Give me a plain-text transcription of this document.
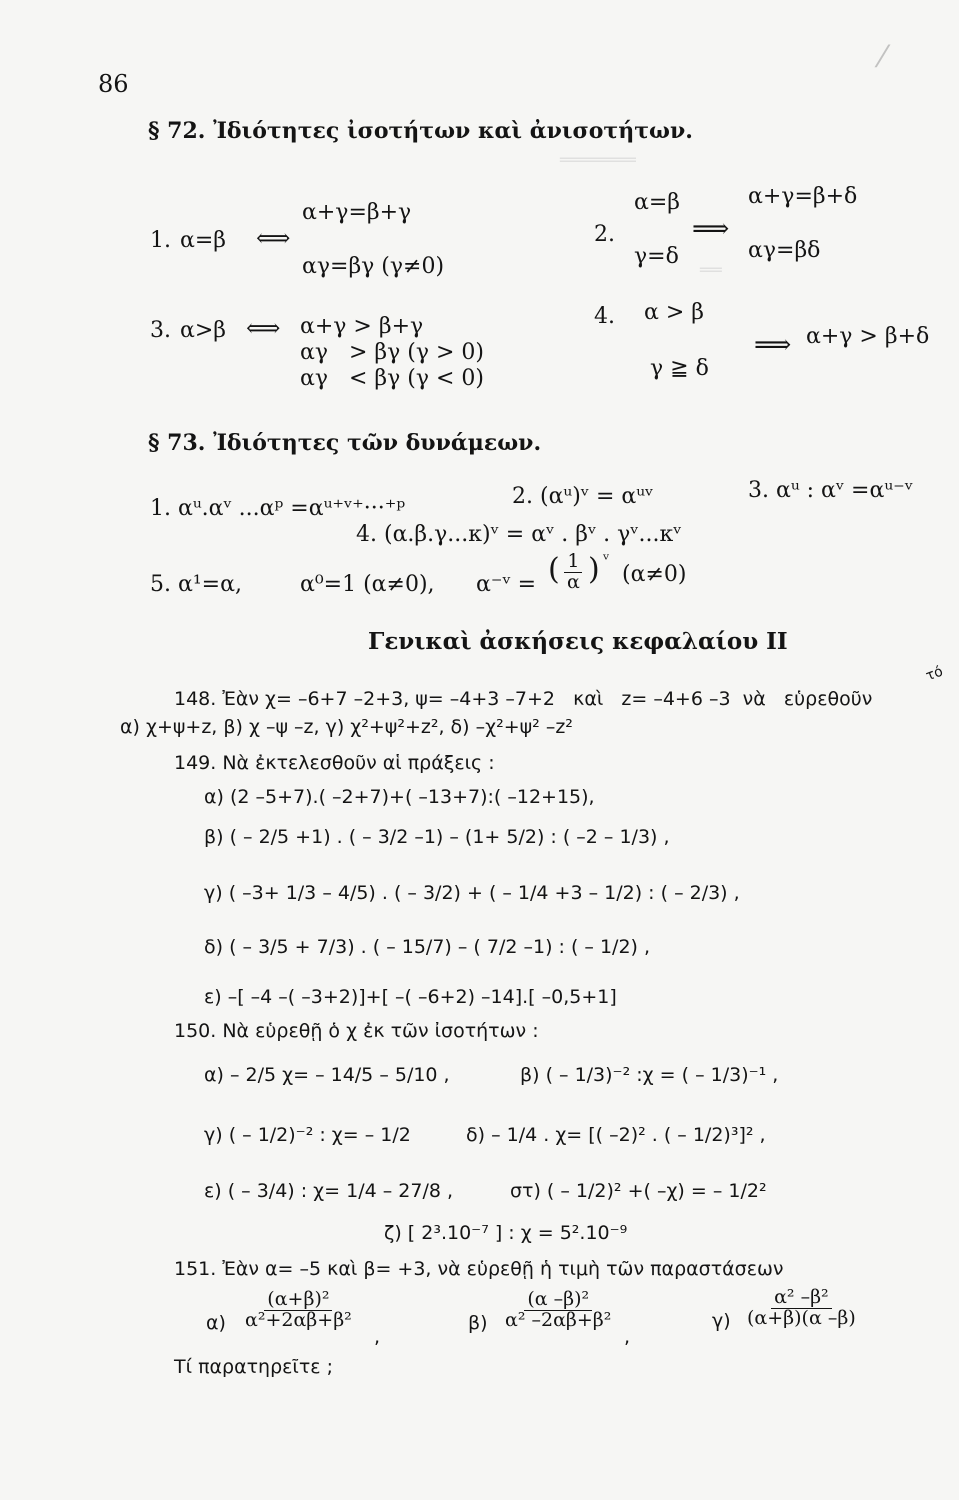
86
═══════
══
⁄
§ 72. Ἰδιότητες ἰσοτήτων καὶ ἀνισοτήτων.
1. α=β ⟺
α+γ=β+γ
αγ=βγ (γ≠0)
2.
α=β
γ=δ
⟹
α+γ=β+δ
αγ=βδ
3. α>β ⟺ α+γ > β+γ
αγ   > βγ (γ > 0)
αγ   < βγ (γ < 0)
4. α > β
γ ≧ δ
⟹ α+γ > β+δ
§ 73. Ἰδιότητες τῶν δυνάμεων.
1. αᵘ.αᵛ ...αᵖ =αᵘ⁺ᵛ⁺···⁺ᵖ	2. (αᵘ)ᵛ = αᵘᵛ	3. αᵘ : αᵛ =αᵘ⁻ᵛ
4. (α.β.γ...κ)ᵛ = αᵛ . βᵛ . γᵛ...κᵛ
5. α¹=α,	α⁰=1 (α≠0), α⁻ᵛ = ( $\frac{1}{\alpha}$ ) ᵛ
(α≠0)
Γενικαὶ ἀσκήσεις κεφαλαίου ΙΙ
148. Ἐὰν χ= –6+7 –2+3, ψ= –4+3 –7+2   καὶ   z= –4+6 –3  νὰ   εὑρεθοῦν
τό
α) χ+ψ+z, β) χ –ψ –z, γ) χ²+ψ²+z², δ) –χ²+ψ² –z²
149. Νὰ ἐκτελεσθοῦν αἱ πράξεις :
α) (2 –5+7).( –2+7)+( –13+7):( –12+15),
β) ( – 2/5 +1) . ( – 3/2 –1) – (1+ 5/2) : ( –2 – 1/3) ,
γ) ( –3+ 1/3 – 4/5) . ( – 3/2) + ( – 1/4 +3 – 1/2) : ( – 2/3) ,
δ) ( – 3/5 + 7/3) . ( – 15/7) – ( 7/2 –1) : ( – 1/2) ,
ε) –[ –4 –( –3+2)]+[ –( –6+2) –14].[ –0,5+1]
150. Νὰ εὑρεθῇ ὁ χ ἐκ τῶν ἰσοτήτων :
α) – 2/5 χ= – 14/5 – 5/10 ,	β) ( – 1/3)⁻² :χ = ( – 1/3)⁻¹ ,
γ) ( – 1/2)⁻² : χ= – 1/2	δ) – 1/4 . χ= [( –2)² . ( – 1/2)³]² ,
ε) ( – 3/4) : χ= 1/4 – 27/8 ,	στ) ( – 1/2)² +( –χ) = – 1/2²
ζ) [ 2³.10⁻⁷ ] : χ = 5².10⁻⁹
151. Ἐὰν α= –5 καὶ β= +3, νὰ εὑρεθῇ ἡ τιμὴ τῶν παραστάσεων
$\alpha) \frac{\text{(α+β)²}}{\text{α²+2αβ+β²}}$
,
$\beta) \frac{\text{(α –β)²}}{\text{α² –2αβ+β²}}$
,
$\gamma) \frac{\text{α² –β²}}{(\alpha+\beta)(\alpha -\beta)}$
Τί παρατηρεῖτε ;
